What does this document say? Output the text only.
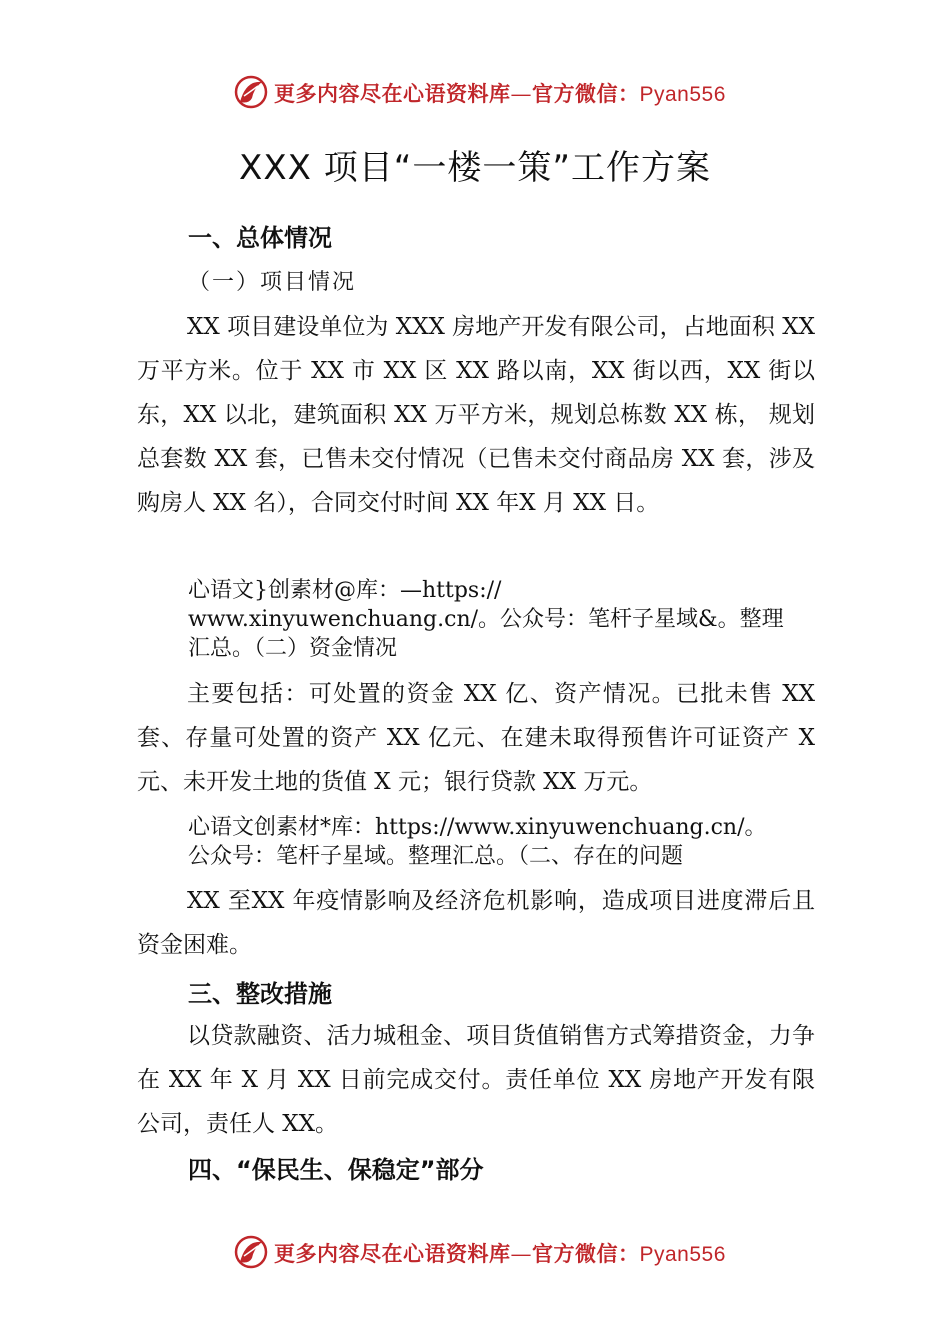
更多内容尽在心语资料库—官方微信：Pyan556
XXX 项目“一楼一策”工作方案
一、总体情况
（一）项目情况
XX 项目建设单位为 XXX 房地产开发有限公司，占地面积 XX 万平方米。位于 XX 市 XX 区 XX 路以南，XX 街以西，XX 街以东，XX 以北，建筑面积 XX 万平方米，规划总栋数 XX 栋， 规划总套数 XX 套，已售未交付情况（已售未交付商品房 XX 套，涉及购房人 XX 名），合同交付时间 XX 年X 月 XX 日。
心语文}创素材@库：—https://
www.xinyuwenchuang.cn/。公众号：笔杆子星域&。整理
汇总。（二）资金情况
主要包括：可处置的资金 XX 亿、资产情况。已批未售 XX 套、存量可处置的资产 XX 亿元、在建未取得预售许可证资产 X 元、未开发土地的货值 X 元；银行贷款 XX 万元。
心语文创素材*库：https://www.xinyuwenchuang.cn/。
公众号：笔杆子星域。整理汇总。（二、存在的问题
XX 至XX 年疫情影响及经济危机影响，造成项目进度滞后且资金困难。
三、整改措施
以贷款融资、活力城租金、项目货值销售方式筹措资金，力争在 XX 年 X 月 XX 日前完成交付。责任单位 XX 房地产开发有限公司，责任人 XX。
四、“保民生、保稳定”部分
更多内容尽在心语资料库—官方微信：Pyan556
